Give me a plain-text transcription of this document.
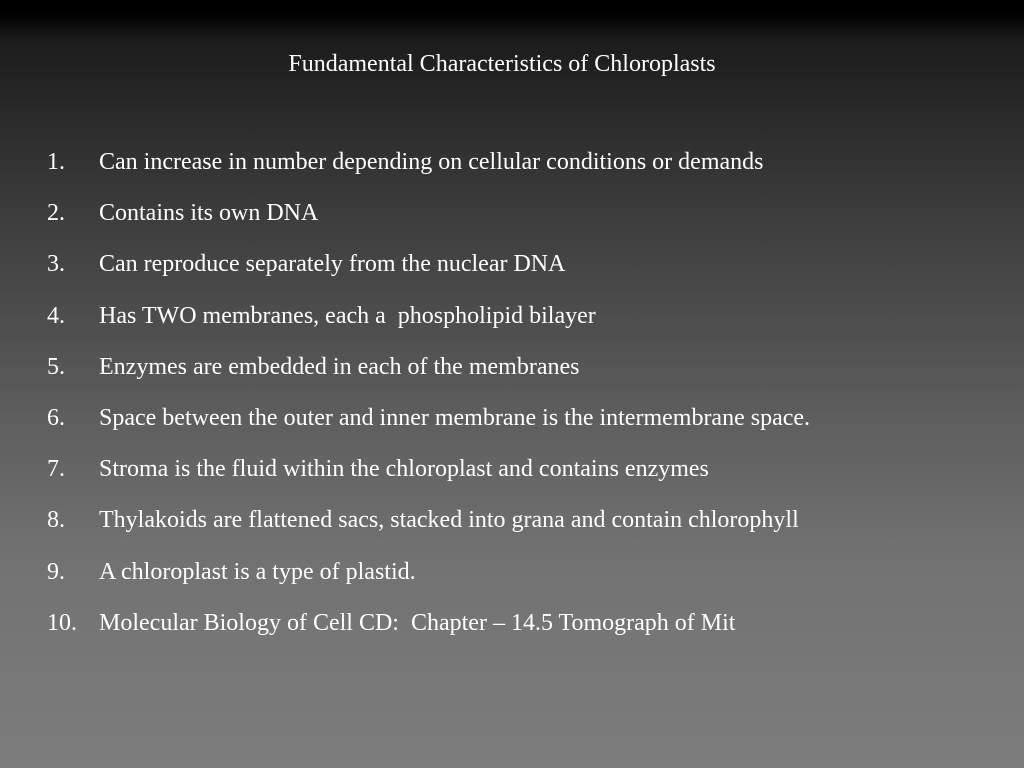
Fundamental Characteristics of Chloroplasts
1.	Can increase in number depending on cellular conditions or demands
2.	Contains its own DNA
3.	Can reproduce separately from the nuclear DNA
4.	Has TWO membranes, each a  phospholipid bilayer
5.	Enzymes are embedded in each of the membranes
6.	Space between the outer and inner membrane is the intermembrane space.
7.	Stroma is the fluid within the chloroplast and contains enzymes
8.	Thylakoids are flattened sacs, stacked into grana and contain chlorophyll
9.	A chloroplast is a type of plastid.
10. Molecular Biology of Cell CD:  Chapter – 14.5 Tomograph of Mit
